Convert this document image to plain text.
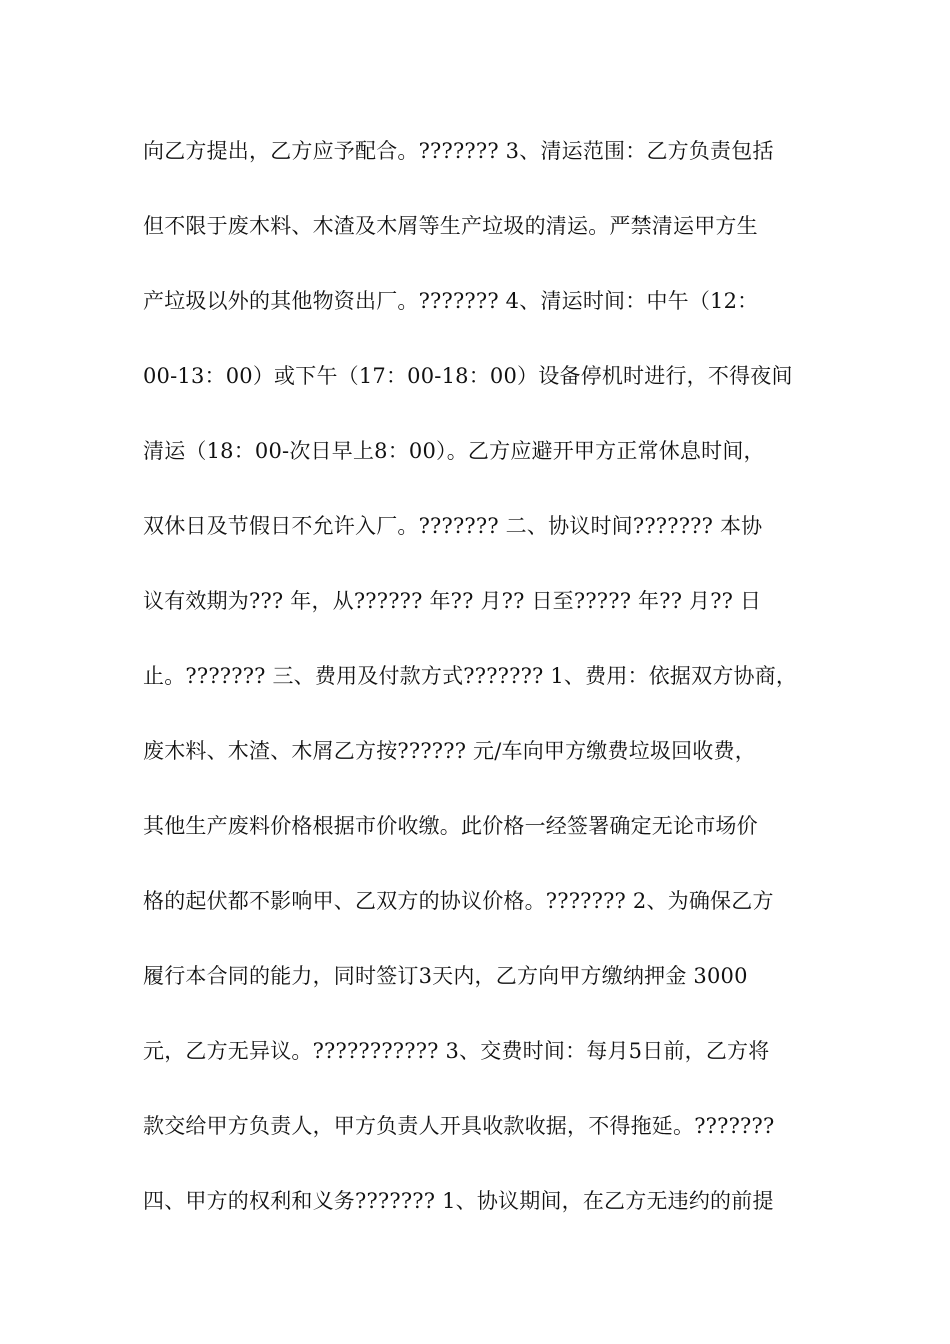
向乙方提出，乙方应予配合。??????? 3、清运范围：乙方负责包括
但不限于废木料、木渣及木屑等生产垃圾的清运。严禁清运甲方生
产垃圾以外的其他物资出厂。??????? 4、清运时间：中午（12：
00-13：00）或下午（17：00-18：00）设备停机时进行，不得夜间
清运（18：00-次日早上8：00）。乙方应避开甲方正常休息时间，
双休日及节假日不允许入厂。??????? 二、协议时间??????? 本协
议有效期为??? 年，从?????? 年?? 月?? 日至????? 年?? 月?? 日
止。??????? 三、费用及付款方式??????? 1、费用：依据双方协商，
废木料、木渣、木屑乙方按?????? 元/车向甲方缴费垃圾回收费，
其他生产废料价格根据市价收缴。此价格一经签署确定无论市场价
格的起伏都不影响甲、乙双方的协议价格。??????? 2、为确保乙方
履行本合同的能力，同时签订3天内，乙方向甲方缴纳押金 3000
元，乙方无异议。??????????? 3、交费时间：每月5日前，乙方将
款交给甲方负责人，甲方负责人开具收款收据，不得拖延。???????
四、甲方的权利和义务??????? 1、协议期间，在乙方无违约的前提
